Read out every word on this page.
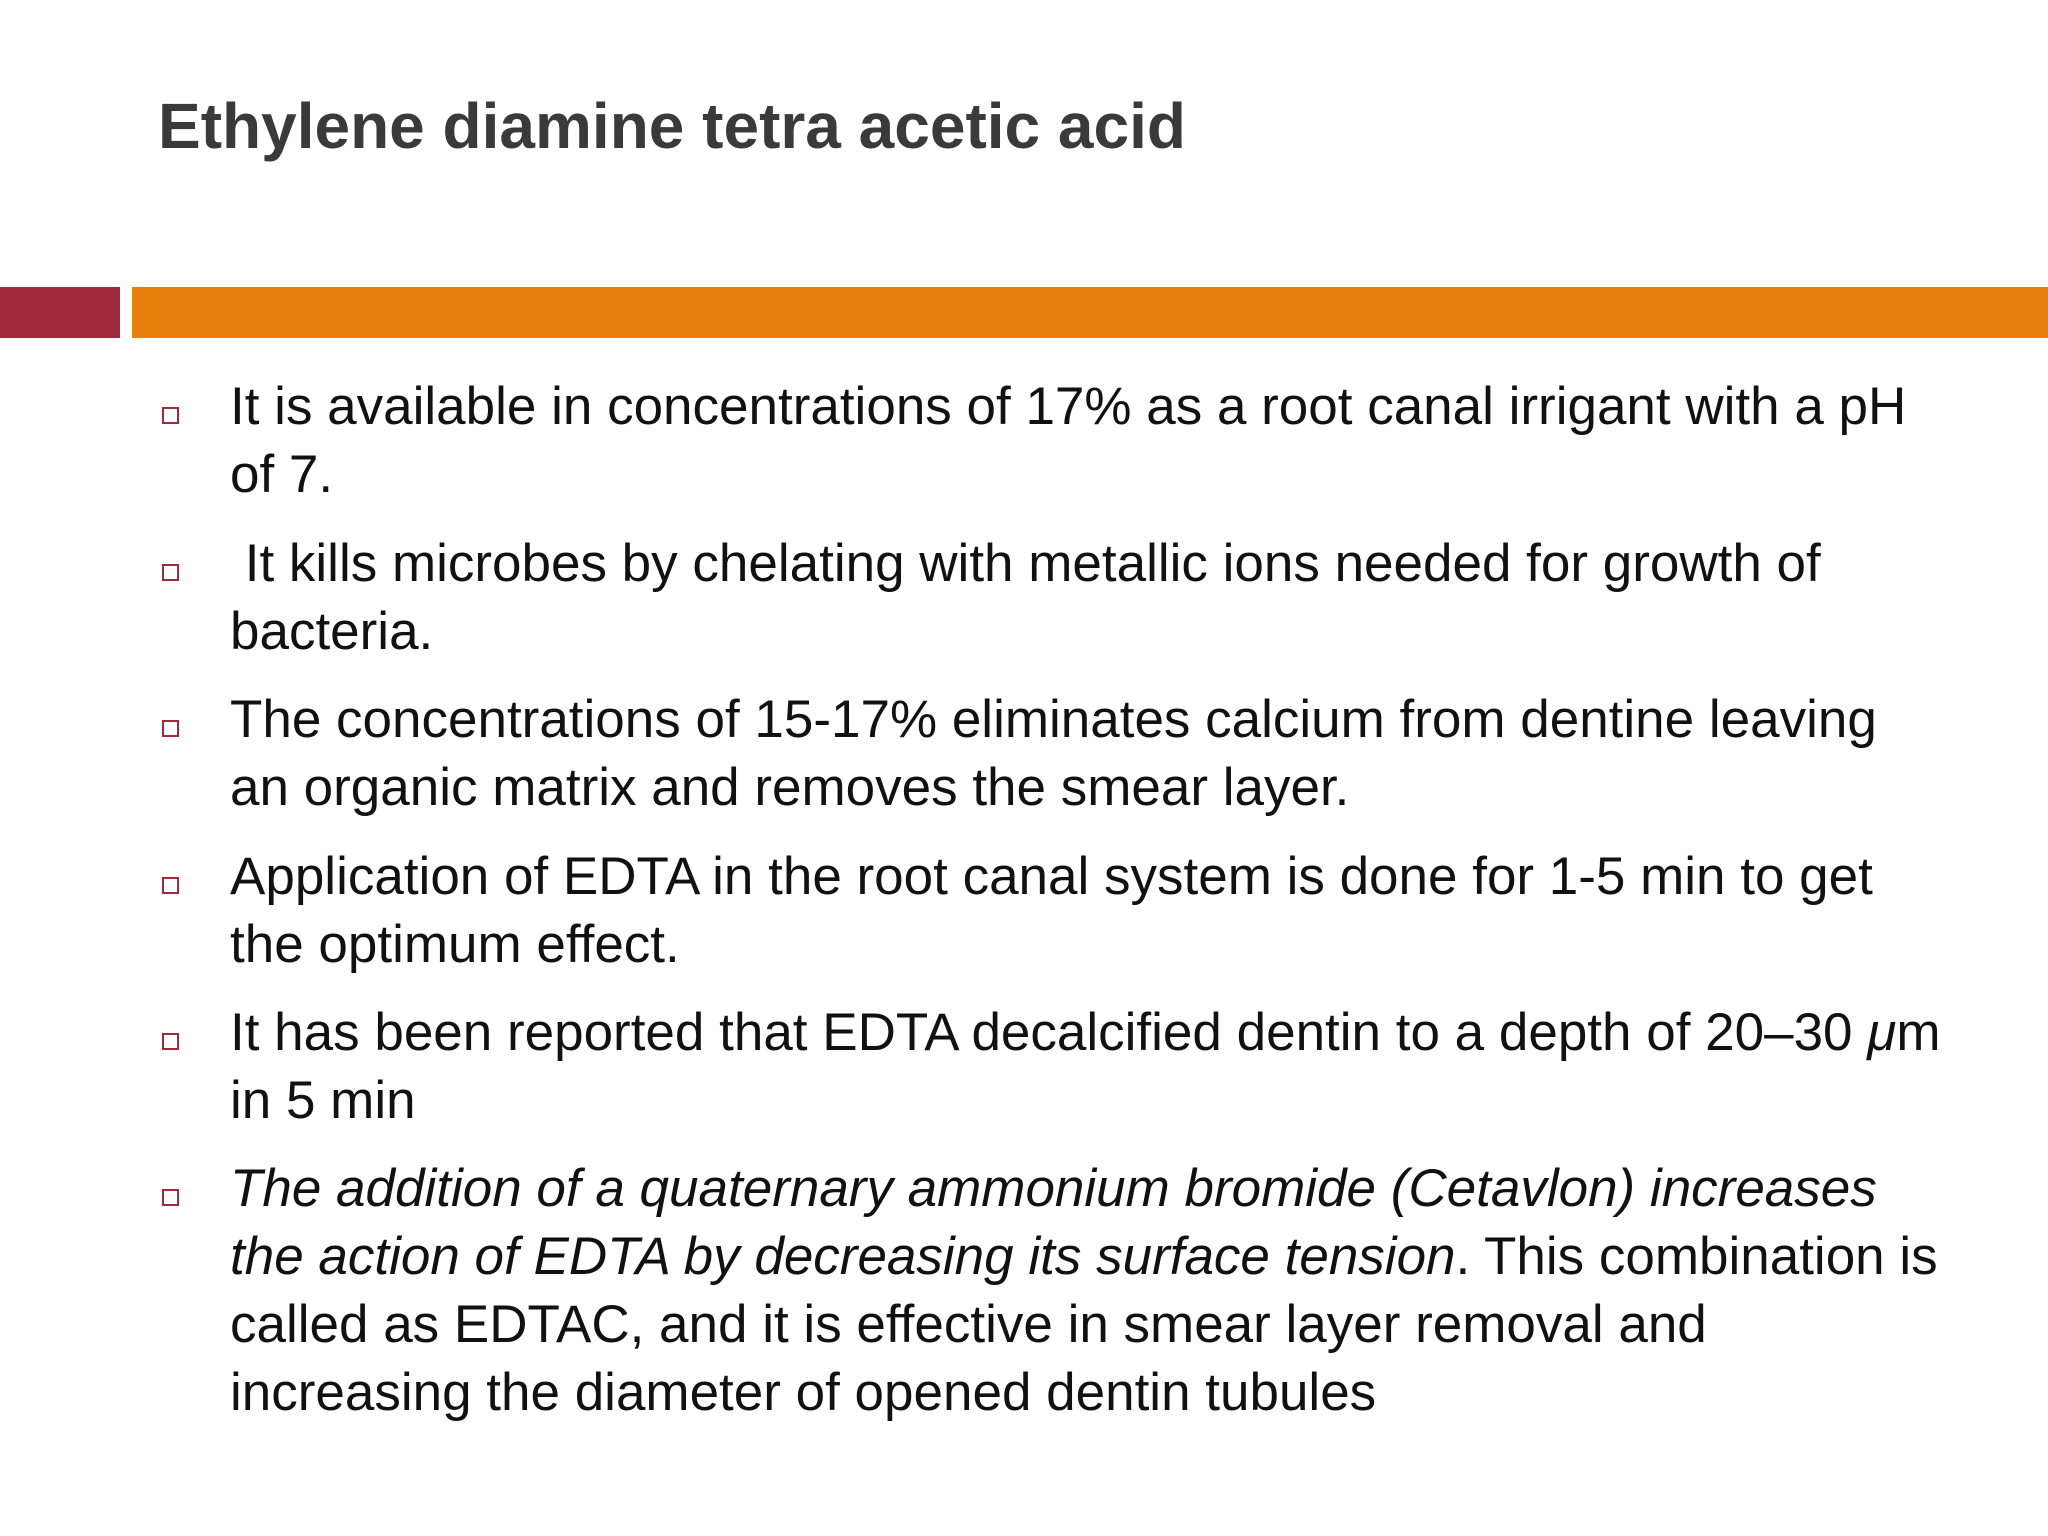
Ethylene diamine tetra acetic acid

It is available in concentrations of 17% as a root canal irrigant with a pH of 7.

It kills microbes by chelating with metallic ions needed for growth of bacteria.

The concentrations of 15-17% eliminates calcium from dentine leaving an organic matrix and removes the smear layer.

Application of EDTA in the root canal system is done for 1-5 min to get the optimum effect.

It has been reported that EDTA decalcified dentin to a depth of 20–30 μm in 5 min

The addition of a quaternary ammonium bromide (Cetavlon) increases the action of EDTA by decreasing its surface tension. This combination is called as EDTAC, and it is effective in smear layer removal and increasing the diameter of opened dentin tubules
